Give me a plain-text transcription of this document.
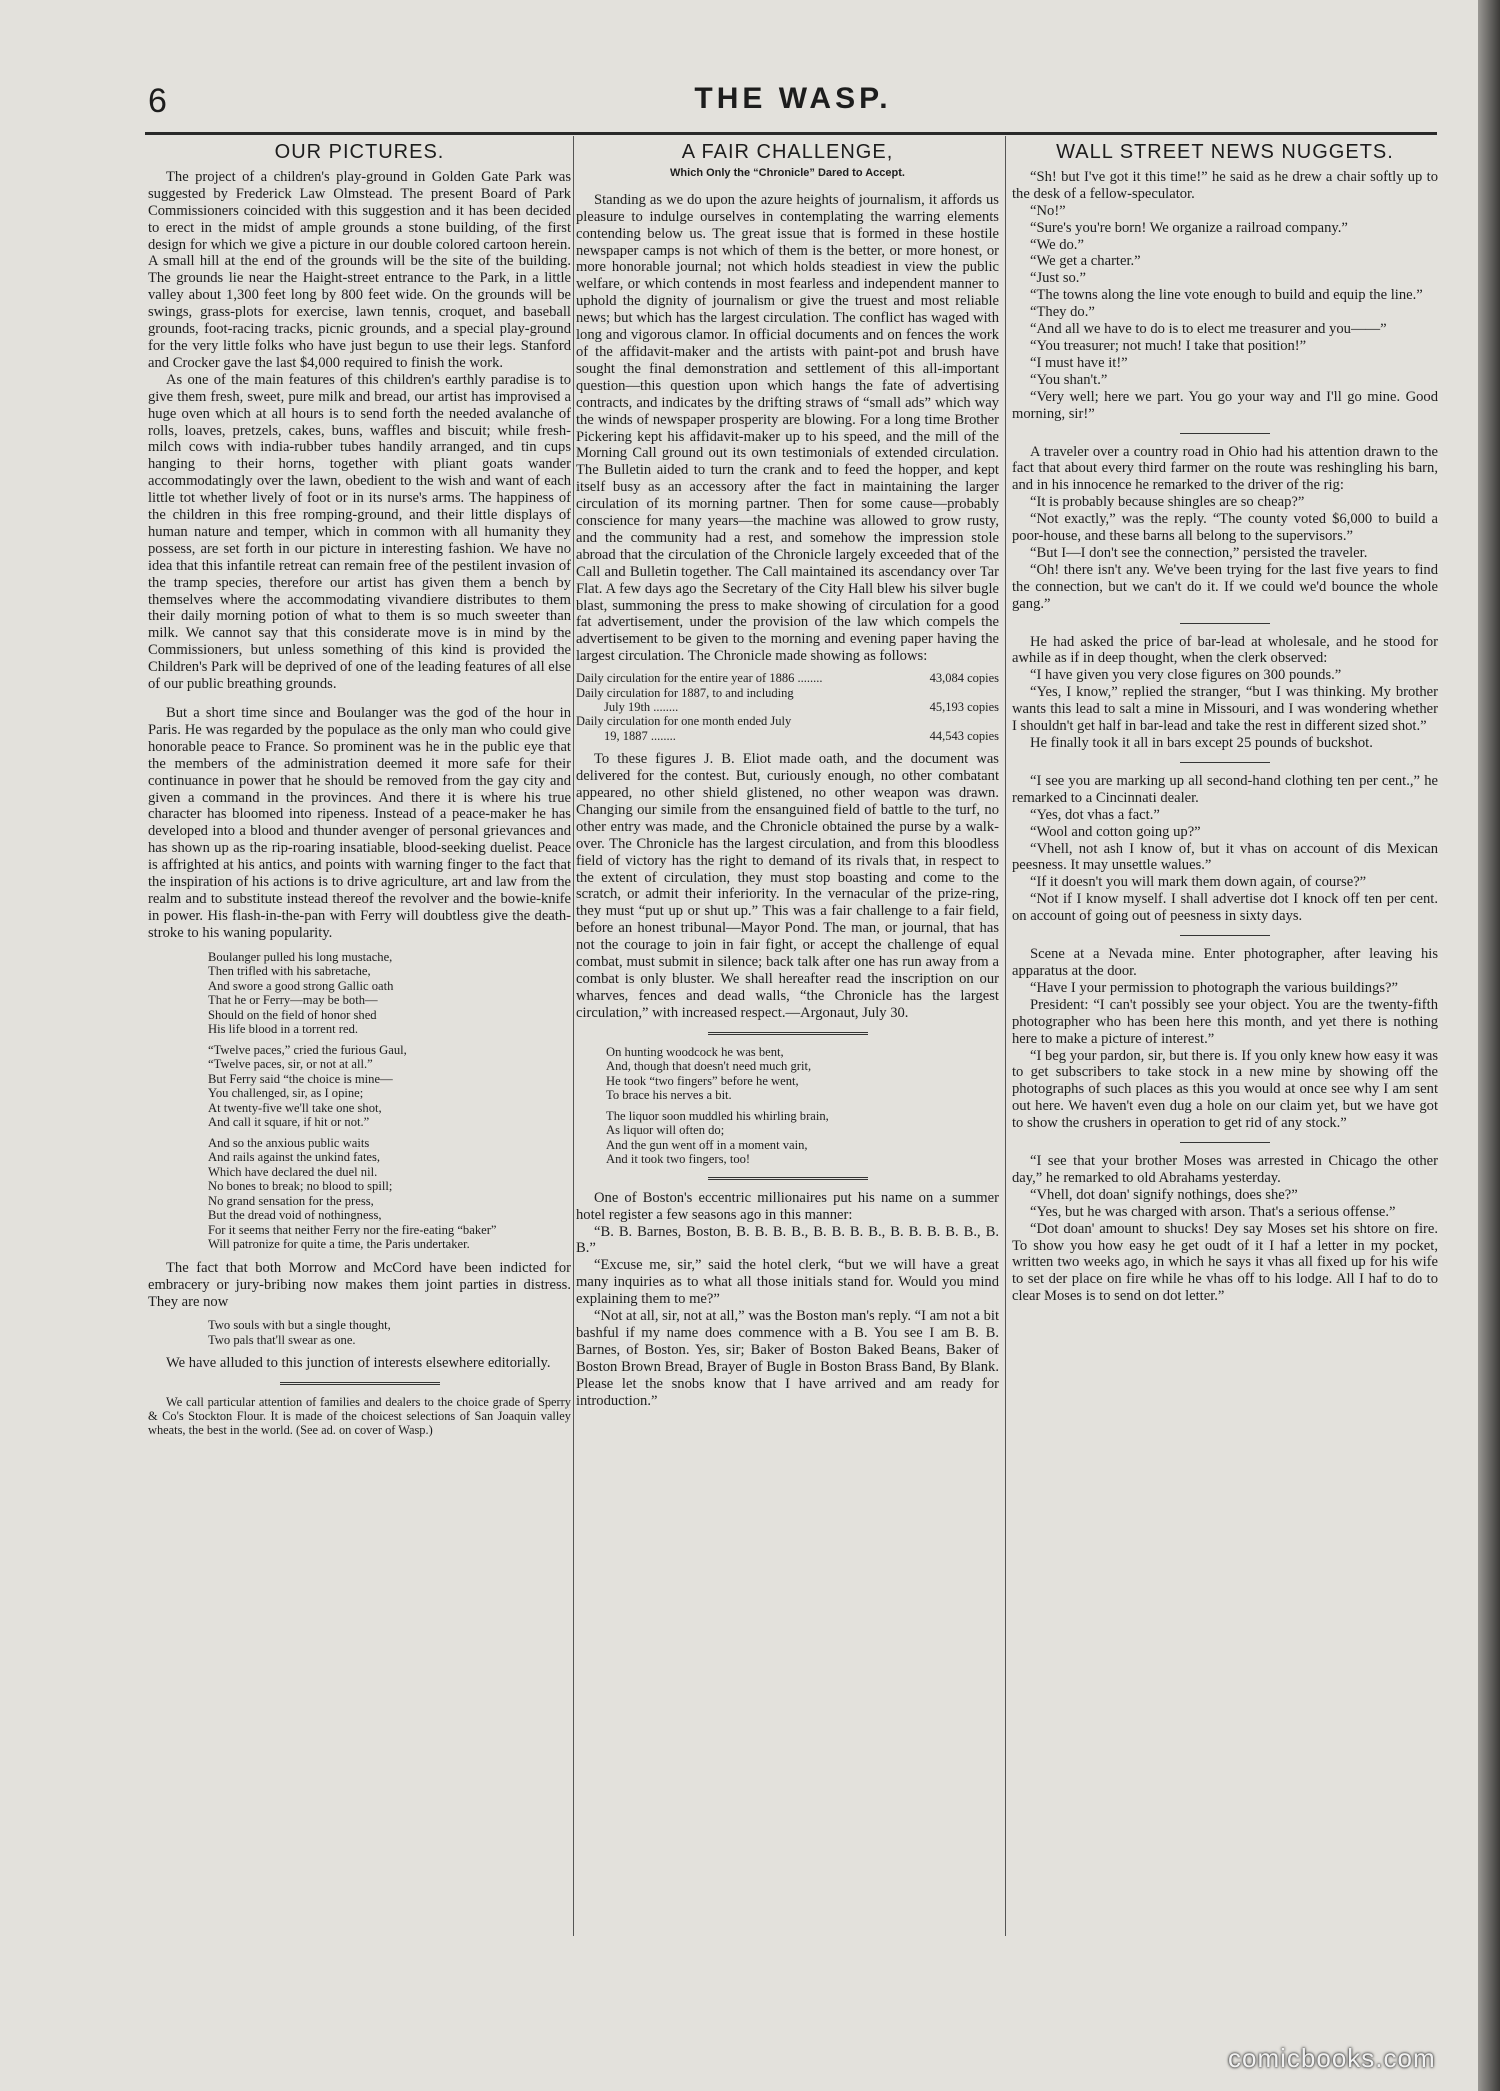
6	THE WASP.
OUR PICTURES.

The project of a children's play-ground in Golden Gate Park was suggested by Frederick Law Olmstead. The present Board of Park Commissioners coincided with this suggestion and it has been decided to erect in the midst of ample grounds a stone building, of the first design for which we give a picture in our double colored cartoon herein. A small hill at the end of the grounds will be the site of the building. The grounds lie near the Haight-street entrance to the Park, in a little valley about 1,300 feet long by 800 feet wide. On the grounds will be swings, grass-plots for exercise, lawn tennis, croquet, and baseball grounds, foot-racing tracks, picnic grounds, and a special play-ground for the very little folks who have just begun to use their legs. Stanford and Crocker gave the last $4,000 required to finish the work.

As one of the main features of this children's earthly paradise is to give them fresh, sweet, pure milk and bread, our artist has improvised a huge oven which at all hours is to send forth the needed avalanche of rolls, loaves, pretzels, cakes, buns, waffles and biscuit; while fresh-milch cows with india-rubber tubes handily arranged, and tin cups hanging to their horns, together with pliant goats wander accommodatingly over the lawn, obedient to the wish and want of each little tot whether lively of foot or in its nurse's arms. The happiness of the children in this free romping-ground, and their little displays of human nature and temper, which in common with all humanity they possess, are set forth in our picture in interesting fashion. We have no idea that this infantile retreat can remain free of the pestilent invasion of the tramp species, therefore our artist has given them a bench by themselves where the accommodating vivandiere distributes to them their daily morning potion of what to them is so much sweeter than milk. We cannot say that this considerate move is in mind by the Commissioners, but unless something of this kind is provided the Children's Park will be deprived of one of the leading features of all else of our public breathing grounds.

But a short time since and Boulanger was the god of the hour in Paris. He was regarded by the populace as the only man who could give honorable peace to France. So prominent was he in the public eye that the members of the administration deemed it more safe for their continuance in power that he should be removed from the gay city and given a command in the provinces. And there it is where his true character has bloomed into ripeness. Instead of a peace-maker he has developed into a blood and thunder avenger of personal grievances and has shown up as the rip-roaring insatiable, blood-seeking duelist. Peace is affrighted at his antics, and points with warning finger to the fact that the inspiration of his actions is to drive agriculture, art and law from the realm and to substitute instead thereof the revolver and the bowie-knife in power. His flash-in-the-pan with Ferry will doubtless give the death-stroke to his waning popularity.

Boulanger pulled his long mustache,
Then trifled with his sabretache,
And swore a good strong Gallic oath
That he or Ferry—may be both—
Should on the field of honor shed
His life blood in a torrent red.

“Twelve paces,” cried the furious Gaul,
“Twelve paces, sir, or not at all.”
But Ferry said “the choice is mine—
You challenged, sir, as I opine;
At twenty-five we'll take one shot,
And call it square, if hit or not.”

And so the anxious public waits
And rails against the unkind fates,
Which have declared the duel nil.
No bones to break; no blood to spill;
No grand sensation for the press,
But the dread void of nothingness,
For it seems that neither Ferry nor the fire-eating “baker”
Will patronize for quite a time, the Paris undertaker.

The fact that both Morrow and McCord have been indicted for embracery or jury-bribing now makes them joint parties in distress. They are now

Two souls with but a single thought,
Two pals that'll swear as one.

We have alluded to this junction of interests elsewhere editorially.

We call particular attention of families and dealers to the choice grade of Sperry & Co's Stockton Flour. It is made of the choicest selections of San Joaquin valley wheats, the best in the world. (See ad. on cover of Wasp.)

A FAIR CHALLENGE,
Which Only the “Chronicle” Dared to Accept.

Standing as we do upon the azure heights of journalism, it affords us pleasure to indulge ourselves in contemplating the warring elements contending below us. The great issue that is formed in these hostile newspaper camps is not which of them is the better, or more honest, or more honorable journal; not which holds steadiest in view the public welfare, or which contends in most fearless and independent manner to uphold the dignity of journalism or give the truest and most reliable news; but which has the largest circulation. The conflict has waged with long and vigorous clamor. In official documents and on fences the work of the affidavit-maker and the artists with paint-pot and brush have sought the final demonstration and settlement of this all-important question—this question upon which hangs the fate of advertising contracts, and indicates by the drifting straws of “small ads” which way the winds of newspaper prosperity are blowing. For a long time Brother Pickering kept his affidavit-maker up to his speed, and the mill of the Morning Call ground out its own testimonials of extended circulation. The Bulletin aided to turn the crank and to feed the hopper, and kept itself busy as an accessory after the fact in maintaining the larger circulation of its morning partner. Then for some cause—probably conscience for many years—the machine was allowed to grow rusty, and the community had a rest, and somehow the impression stole abroad that the circulation of the Chronicle largely exceeded that of the Call and Bulletin together. The Call maintained its ascendancy over Tar Flat. A few days ago the Secretary of the City Hall blew his silver bugle blast, summoning the press to make showing of circulation for a good fat advertisement, under the provision of the law which compels the advertisement to be given to the morning and evening paper having the largest circulation. The Chronicle made showing as follows:

Daily circulation for the entire year of 1886 ........	43,084 copies
Daily circulation for 1887, to and including
July 19th ........	45,193 copies
Daily circulation for one month ended July
19, 1887 ........	44,543 copies

To these figures J. B. Eliot made oath, and the document was delivered for the contest. But, curiously enough, no other combatant appeared, no other shield glistened, no other weapon was drawn. Changing our simile from the ensanguined field of battle to the turf, no other entry was made, and the Chronicle obtained the purse by a walk-over. The Chronicle has the largest circulation, and from this bloodless field of victory has the right to demand of its rivals that, in respect to the extent of circulation, they must stop boasting and come to the scratch, or admit their inferiority. In the vernacular of the prize-ring, they must “put up or shut up.” This was a fair challenge to a fair field, before an honest tribunal—Mayor Pond. The man, or journal, that has not the courage to join in fair fight, or accept the challenge of equal combat, must submit in silence; back talk after one has run away from a combat is only bluster. We shall hereafter read the inscription on our wharves, fences and dead walls, “the Chronicle has the largest circulation,” with increased respect.—Argonaut, July 30.

On hunting woodcock he was bent,
And, though that doesn't need much grit,
He took “two fingers” before he went,
To brace his nerves a bit.

The liquor soon muddled his whirling brain,
As liquor will often do;
And the gun went off in a moment vain,
And it took two fingers, too!

One of Boston's eccentric millionaires put his name on a summer hotel register a few seasons ago in this manner:

“B. B. Barnes, Boston, B. B. B. B., B. B. B. B., B. B. B. B. B., B. B.”

“Excuse me, sir,” said the hotel clerk, “but we will have a great many inquiries as to what all those initials stand for. Would you mind explaining them to me?”

“Not at all, sir, not at all,” was the Boston man's reply. “I am not a bit bashful if my name does commence with a B. You see I am B. B. Barnes, of Boston. Yes, sir; Baker of Boston Baked Beans, Baker of Boston Brown Bread, Brayer of Bugle in Boston Brass Band, By Blank. Please let the snobs know that I have arrived and am ready for introduction.”

WALL STREET NEWS NUGGETS.

“Sh! but I've got it this time!” he said as he drew a chair softly up to the desk of a fellow-speculator.

“No!”

“Sure's you're born! We organize a railroad company.”

“We do.”

“We get a charter.”

“Just so.”

“The towns along the line vote enough to build and equip the line.”

“They do.”

“And all we have to do is to elect me treasurer and you——”

“You treasurer; not much! I take that position!”

“I must have it!”

“You shan't.”

“Very well; here we part. You go your way and I'll go mine. Good morning, sir!”

A traveler over a country road in Ohio had his attention drawn to the fact that about every third farmer on the route was reshingling his barn, and in his innocence he remarked to the driver of the rig:

“It is probably because shingles are so cheap?”

“Not exactly,” was the reply. “The county voted $6,000 to build a poor-house, and these barns all belong to the supervisors.”

“But I—I don't see the connection,” persisted the traveler.

“Oh! there isn't any. We've been trying for the last five years to find the connection, but we can't do it. If we could we'd bounce the whole gang.”

He had asked the price of bar-lead at wholesale, and he stood for awhile as if in deep thought, when the clerk observed:

“I have given you very close figures on 300 pounds.”

“Yes, I know,” replied the stranger, “but I was thinking. My brother wants this lead to salt a mine in Missouri, and I was wondering whether I shouldn't get half in bar-lead and take the rest in different sized shot.”

He finally took it all in bars except 25 pounds of buckshot.

“I see you are marking up all second-hand clothing ten per cent.,” he remarked to a Cincinnati dealer.

“Yes, dot vhas a fact.”

“Wool and cotton going up?”

“Vhell, not ash I know of, but it vhas on account of dis Mexican peesness. It may unsettle walues.”

“If it doesn't you will mark them down again, of course?”

“Not if I know myself. I shall advertise dot I knock off ten per cent. on account of going out of peesness in sixty days.

Scene at a Nevada mine. Enter photographer, after leaving his apparatus at the door.

“Have I your permission to photograph the various buildings?”

President: “I can't possibly see your object. You are the twenty-fifth photographer who has been here this month, and yet there is nothing here to make a picture of interest.”

“I beg your pardon, sir, but there is. If you only knew how easy it was to get subscribers to take stock in a new mine by showing off the photographs of such places as this you would at once see why I am sent out here. We haven't even dug a hole on our claim yet, but we have got to show the crushers in operation to get rid of any stock.”

“I see that your brother Moses was arrested in Chicago the other day,” he remarked to old Abrahams yesterday.

“Vhell, dot doan' signify nothings, does she?”

“Yes, but he was charged with arson. That's a serious offense.”

“Dot doan' amount to shucks! Dey say Moses set his shtore on fire. To show you how easy he get oudt of it I haf a letter in my pocket, written two weeks ago, in which he says it vhas all fixed up for his wife to set der place on fire while he vhas off to his lodge. All I haf to do to clear Moses is to send on dot letter.”

comicbooks.com
